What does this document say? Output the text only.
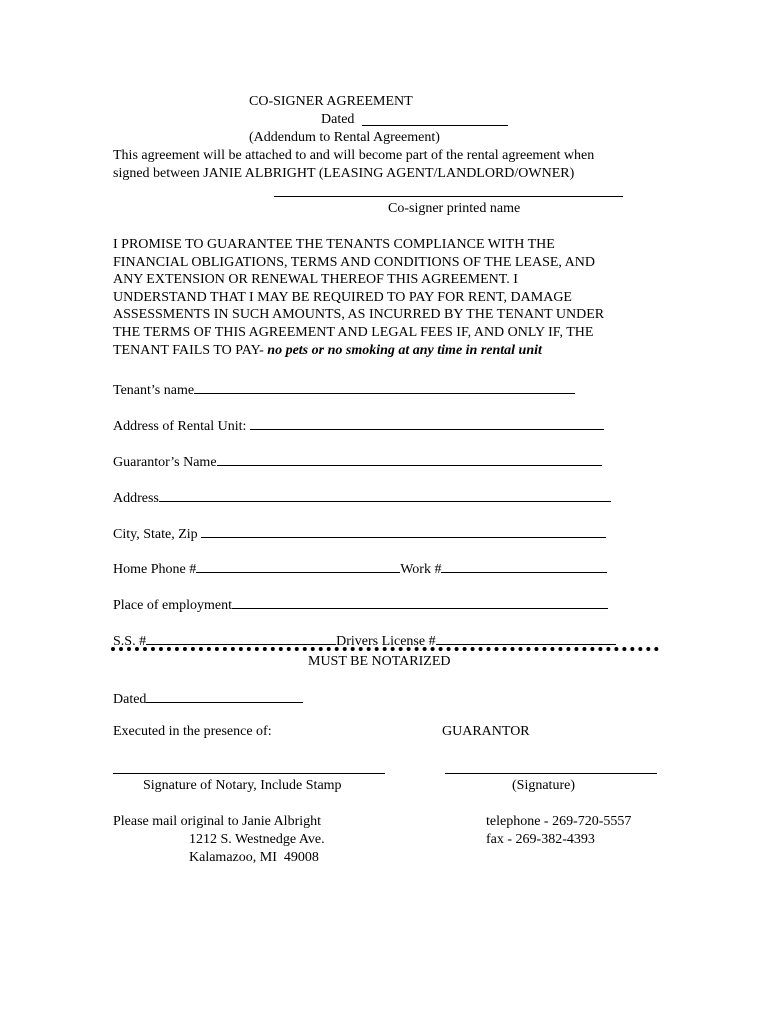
CO-SIGNER AGREEMENT
Dated
(Addendum to Rental Agreement)
This agreement will be attached to and will become part of the rental agreement when
signed between JANIE ALBRIGHT (LEASING AGENT/LANDLORD/OWNER)
Co-signer printed name
I PROMISE TO GUARANTEE THE TENANTS COMPLIANCE WITH THE
FINANCIAL OBLIGATIONS, TERMS AND CONDITIONS OF THE LEASE, AND
ANY EXTENSION OR RENEWAL THEREOF THIS AGREEMENT. I
UNDERSTAND THAT I MAY BE REQUIRED TO PAY FOR RENT, DAMAGE
ASSESSMENTS IN SUCH AMOUNTS, AS INCURRED BY THE TENANT UNDER
THE TERMS OF THIS AGREEMENT AND LEGAL FEES IF, AND ONLY IF, THE
TENANT FAILS TO PAY- no pets or no smoking at any time in rental unit
Tenant’s name
Address of Rental Unit:
Guarantor’s Name
Address
City, State, Zip
Home Phone #	Work #
Place of employment
S.S. #	Drivers License #
MUST BE NOTARIZED
Dated
Executed in the presence of:	GUARANTOR
Signature of Notary, Include Stamp	(Signature)
Please mail original to Janie Albright
1212 S. Westnedge Ave.
Kalamazoo, MI  49008
telephone - 269-720-5557
fax - 269-382-4393
